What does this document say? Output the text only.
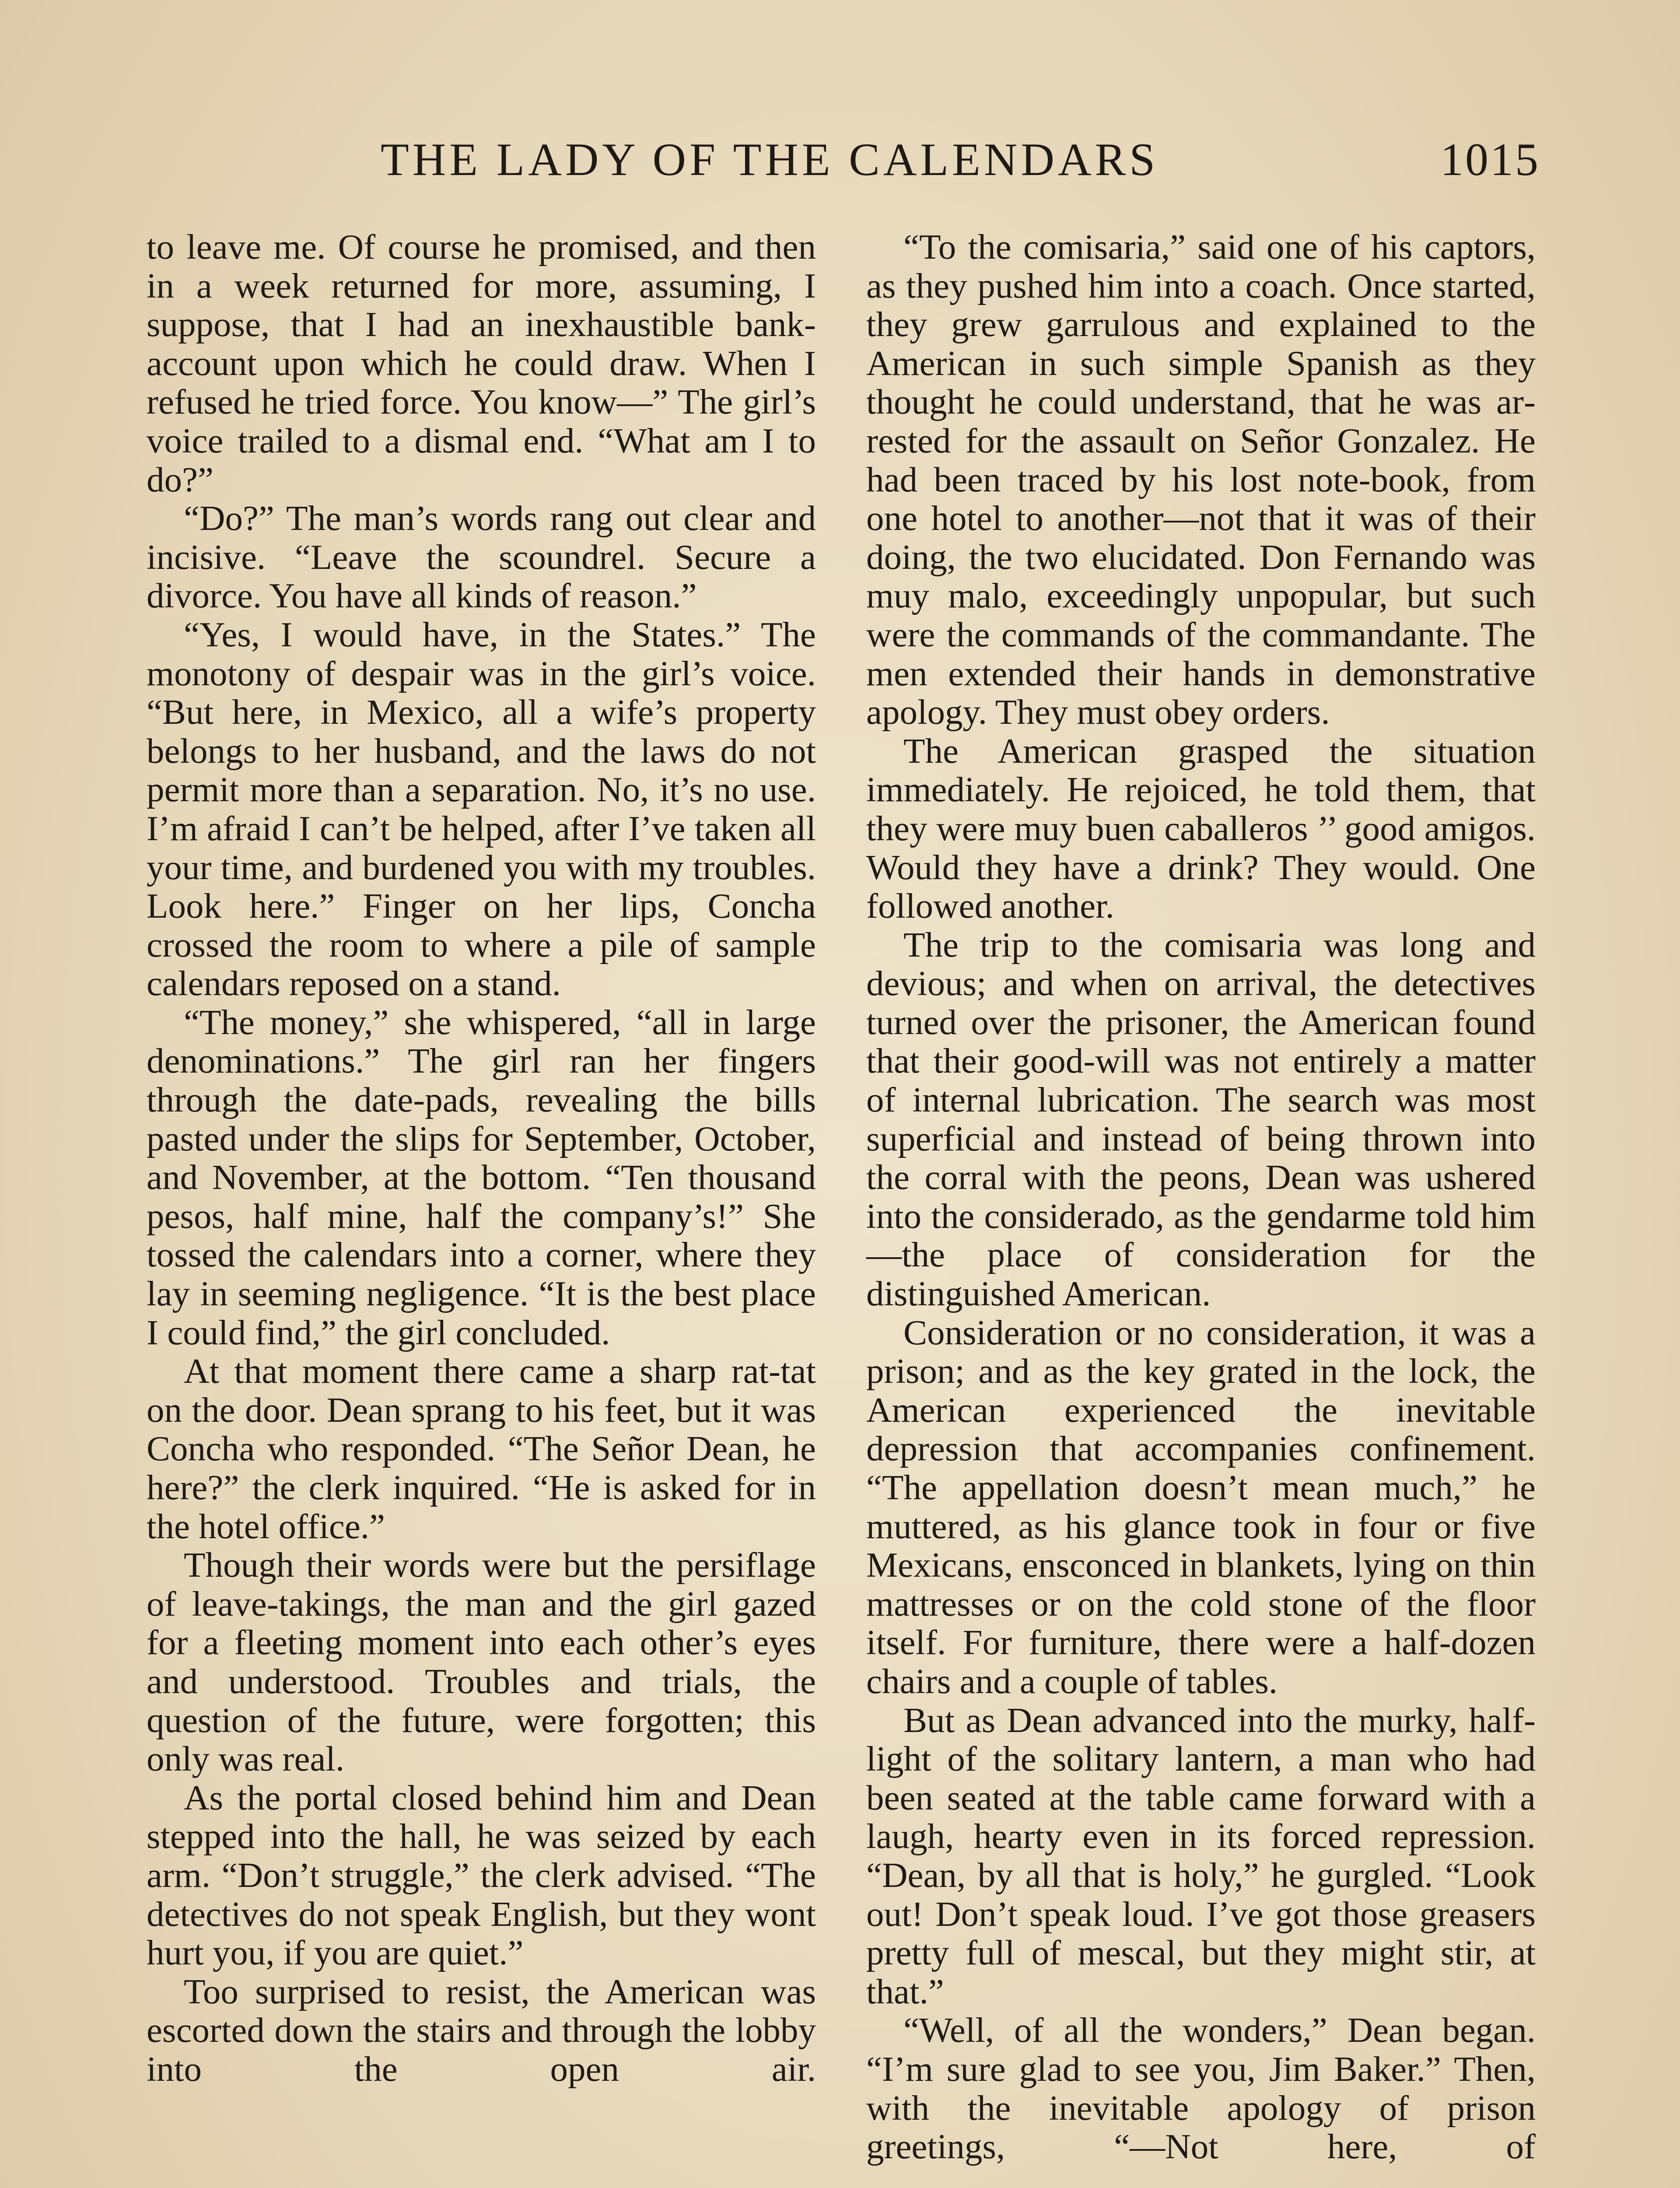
THE LADY OF THE CALENDARS	1015

to leave me. Of course he promised, and then in a week returned for more, assuming, I suppose, that I had an inexhaustible bank-account upon which he could draw. When I refused he tried force. You know—” The girl’s voice trailed to a dismal end. “What am I to do?”

“Do?” The man’s words rang out clear and incisive. “Leave the scoundrel. Secure a divorce. You have all kinds of reason.”

“Yes, I would have, in the States.” The monotony of despair was in the girl’s voice. “But here, in Mexico, all a wife’s property belongs to her husband, and the laws do not permit more than a separation. No, it’s no use. I’m afraid I can’t be helped, after I’ve taken all your time, and burdened you with my troubles. Look here.” Finger on her lips, Concha crossed the room to where a pile of sample calendars reposed on a stand.

“The money,” she whispered, “all in large denominations.” The girl ran her fingers through the date-pads, revealing the bills pasted under the slips for September, October, and November, at the bottom. “Ten thousand pesos, half mine, half the company’s!” She tossed the calendars into a corner, where they lay in seeming negligence. “It is the best place I could find,” the girl concluded.

At that moment there came a sharp rat-tat on the door. Dean sprang to his feet, but it was Concha who responded. “The Señor Dean, he here?” the clerk inquired. “He is asked for in the hotel office.”

Though their words were but the persiflage of leave-takings, the man and the girl gazed for a fleeting moment into each other’s eyes and understood. Troubles and trials, the question of the future, were forgotten; this only was real.

As the portal closed behind him and Dean stepped into the hall, he was seized by each arm. “Don’t struggle,” the clerk advised. “The detectives do not speak English, but they wont hurt you, if you are quiet.”

Too surprised to resist, the American was escorted down the stairs and through the lobby into the open air.

“To the comisaria,” said one of his captors, as they pushed him into a coach. Once started, they grew garrulous and explained to the American in such simple Spanish as they thought he could understand, that he was arrested for the assault on Señor Gonzalez. He had been traced by his lost note-book, from one hotel to another—not that it was of their doing, the two elucidated. Don Fernando was muy malo, exceedingly unpopular, but such were the commands of the commandante. The men extended their hands in demonstrative apology. They must obey orders.

The American grasped the situation immediately. He rejoiced, he told them, that they were muy buen caballeros ’’ good amigos. Would they have a drink? They would. One followed another.

The trip to the comisaria was long and devious; and when on arrival, the detectives turned over the prisoner, the American found that their good-will was not entirely a matter of internal lubrication. The search was most superficial and instead of being thrown into the corral with the peons, Dean was ushered into the considerado, as the gendarme told him—the place of consideration for the distinguished American.

Consideration or no consideration, it was a prison; and as the key grated in the lock, the American experienced the inevitable depression that accompanies confinement. “The appellation doesn’t mean much,” he muttered, as his glance took in four or five Mexicans, ensconced in blankets, lying on thin mattresses or on the cold stone of the floor itself. For furniture, there were a half-dozen chairs and a couple of tables.

But as Dean advanced into the murky, half-light of the solitary lantern, a man who had been seated at the table came forward with a laugh, hearty even in its forced repression. “Dean, by all that is holy,” he gurgled. “Look out! Don’t speak loud. I’ve got those greasers pretty full of mescal, but they might stir, at that.”

“Well, of all the wonders,” Dean began. “I’m sure glad to see you, Jim Baker.” Then, with the inevitable apology of prison greetings, “—Not here, of
